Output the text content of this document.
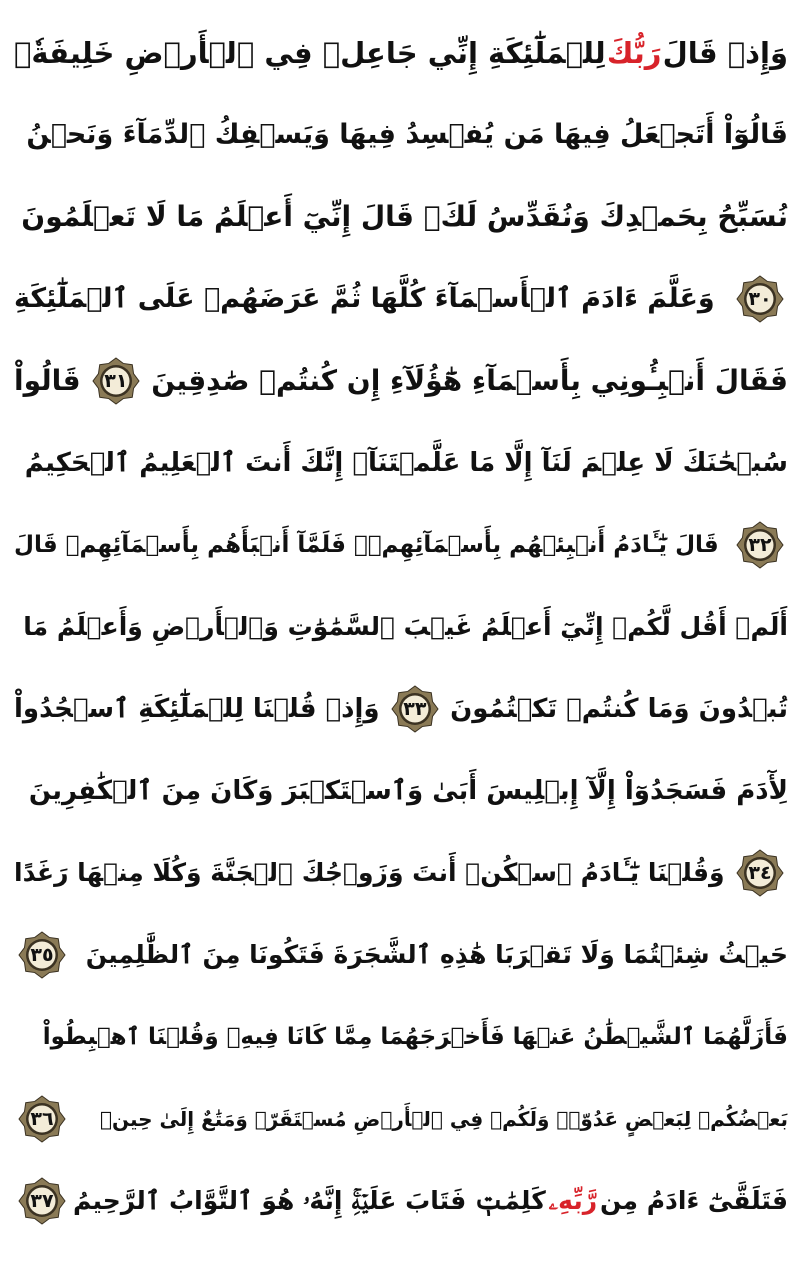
وَإِذۡ قَالَ
رَبُّكَ
لِلۡمَلَٰٓئِكَةِ إِنِّي جَاعِلٞ فِي ٱلۡأَرۡضِ خَلِيفَةٗۖ
قَالُوٓاْ أَتَجۡعَلُ فِيهَا مَن يُفۡسِدُ فِيهَا وَيَسۡفِكُ ٱلدِّمَآءَ وَنَحۡنُ
نُسَبِّحُ بِحَمۡدِكَ وَنُقَدِّسُ لَكَۖ قَالَ إِنِّيٓ أَعۡلَمُ مَا لَا تَعۡلَمُونَ
٣٠
وَعَلَّمَ ءَادَمَ ٱلۡأَسۡمَآءَ كُلَّهَا ثُمَّ عَرَضَهُمۡ عَلَى ٱلۡمَلَٰٓئِكَةِ
فَقَالَ أَنۢبِـُٔونِي بِأَسۡمَآءِ هَٰٓؤُلَآءِ إِن كُنتُمۡ صَٰدِقِينَ
٣١
قَالُواْ
سُبۡحَٰنَكَ لَا عِلۡمَ لَنَآ إِلَّا مَا عَلَّمۡتَنَآۖ إِنَّكَ أَنتَ ٱلۡعَلِيمُ ٱلۡحَكِيمُ
٣٢
قَالَ يَٰٓـَٔادَمُ أَنۢبِئۡهُم بِأَسۡمَآئِهِمۡۖ فَلَمَّآ أَنۢبَأَهُم بِأَسۡمَآئِهِمۡ قَالَ
أَلَمۡ أَقُل لَّكُمۡ إِنِّيٓ أَعۡلَمُ غَيۡبَ ٱلسَّمَٰوَٰتِ وَٱلۡأَرۡضِ وَأَعۡلَمُ مَا
تُبۡدُونَ وَمَا كُنتُمۡ تَكۡتُمُونَ
٣٣
وَإِذۡ قُلۡنَا لِلۡمَلَٰٓئِكَةِ ٱسۡجُدُواْ
لِأٓدَمَ فَسَجَدُوٓاْ إِلَّآ إِبۡلِيسَ أَبَىٰ وَٱسۡتَكۡبَرَ وَكَانَ مِنَ ٱلۡكَٰفِرِينَ
٣٤
وَقُلۡنَا يَٰٓـَٔادَمُ ٱسۡكُنۡ أَنتَ وَزَوۡجُكَ ٱلۡجَنَّةَ وَكُلَا مِنۡهَا رَغَدًا
حَيۡثُ شِئۡتُمَا وَلَا تَقۡرَبَا هَٰذِهِ ٱلشَّجَرَةَ فَتَكُونَا مِنَ ٱلظَّٰلِمِينَ
٣٥
فَأَزَلَّهُمَا ٱلشَّيۡطَٰنُ عَنۡهَا فَأَخۡرَجَهُمَا مِمَّا كَانَا فِيهِۖ وَقُلۡنَا ٱهۡبِطُواْ
بَعۡضُكُمۡ لِبَعۡضٍ عَدُوّٞۖ وَلَكُمۡ فِي ٱلۡأَرۡضِ مُسۡتَقَرّٞ وَمَتَٰعٌ إِلَىٰ حِينٖ
٣٦
فَتَلَقَّىٰٓ ءَادَمُ مِن
رَّبِّهِۦ
كَلِمَٰتٖ فَتَابَ عَلَيۡهِۚ إِنَّهُۥ هُوَ ٱلتَّوَّابُ ٱلرَّحِيمُ
٣٧
